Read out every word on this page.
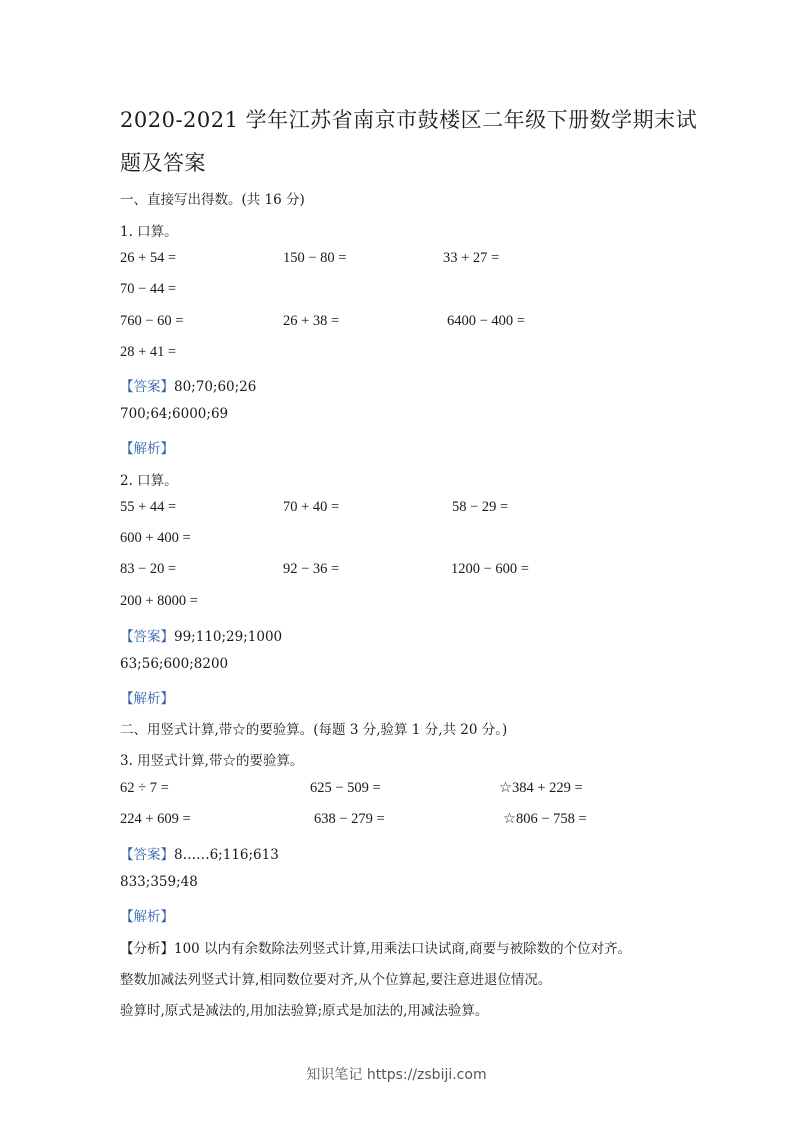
2020-2021 学年江苏省南京市鼓楼区二年级下册数学期末试
题及答案
一、直接写出得数。(共 16 分)
1. 口算。
26 + 54 =	150 − 80 =	33 + 27 =
70 − 44 =
760 − 60 =	26 + 38 =	6400 − 400 =
28 + 41 =
【答案】80;70;60;26
700;64;6000;69
【解析】
2. 口算。
55 + 44 =	70 + 40 =	58 − 29 =
600 + 400 =
83 − 20 =	92 − 36 =	1200 − 600 =
200 + 8000 =
【答案】99;110;29;1000
63;56;600;8200
【解析】
二、用竖式计算,带☆的要验算。(每题 3 分,验算 1 分,共 20 分。)
3. 用竖式计算,带☆的要验算。
62 ÷ 7 =	625 − 509 =	☆384 + 229 =
224 + 609 =	638 − 279 =	☆806 − 758 =
【答案】8……6;116;613
833;359;48
【解析】
【分析】100 以内有余数除法列竖式计算,用乘法口诀试商,商要与被除数的个位对齐。
整数加减法列竖式计算,相同数位要对齐,从个位算起,要注意进退位情况。
验算时,原式是减法的,用加法验算;原式是加法的,用减法验算。
知识笔记 https://zsbiji.com
